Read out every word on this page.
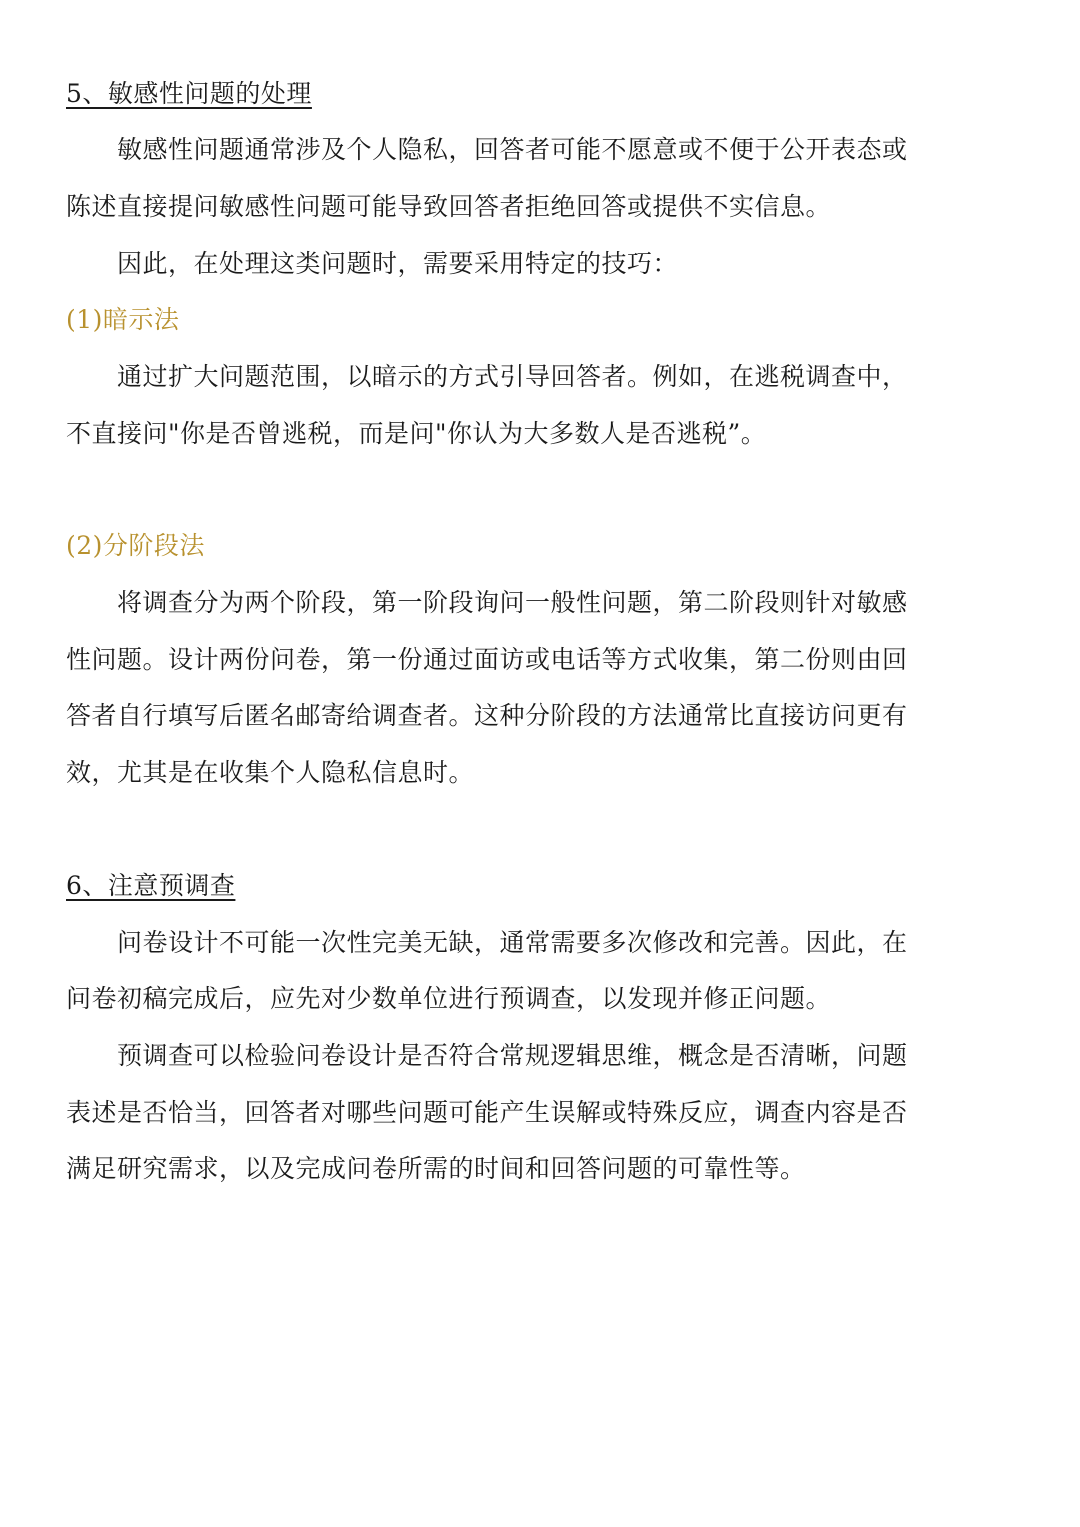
5、敏感性问题的处理
敏感性问题通常涉及个人隐私，回答者可能不愿意或不便于公开表态或
陈述直接提问敏感性问题可能导致回答者拒绝回答或提供不实信息。
因此，在处理这类问题时，需要采用特定的技巧：
(1)暗示法
通过扩大问题范围，以暗示的方式引导回答者。例如，在逃税调查中，
不直接问"你是否曾逃税，而是问"你认为大多数人是否逃税”。
(2)分阶段法
将调查分为两个阶段，第一阶段询问一般性问题，第二阶段则针对敏感
性问题。设计两份问卷，第一份通过面访或电话等方式收集，第二份则由回
答者自行填写后匿名邮寄给调查者。这种分阶段的方法通常比直接访问更有
效，尤其是在收集个人隐私信息时。
6、注意预调查
问卷设计不可能一次性完美无缺，通常需要多次修改和完善。因此，在
问卷初稿完成后，应先对少数单位进行预调查，以发现并修正问题。
预调查可以检验问卷设计是否符合常规逻辑思维，概念是否清晰，问题
表述是否恰当，回答者对哪些问题可能产生误解或特殊反应，调查内容是否
满足研究需求，以及完成问卷所需的时间和回答问题的可靠性等。
